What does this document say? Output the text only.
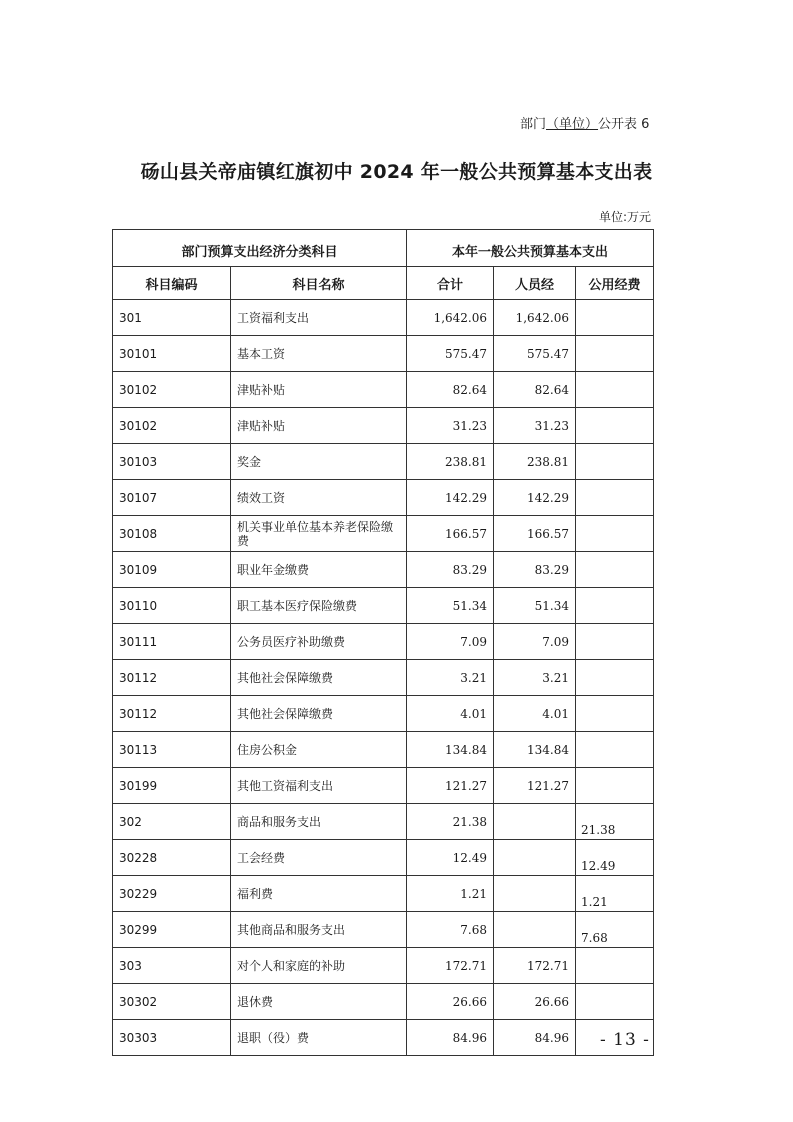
部门（单位）公开表 6
砀山县关帝庙镇红旗初中 2024 年一般公共预算基本支出表
单位:万元
部门预算支出经济分类科目		本年一般公共预算基本支出		
科目编码	科目名称	合计	人员经	公用经费
301	工资福利支出	1,642.06	1,642.06	
30101	基本工资	575.47	575.47	
30102	津贴补贴	82.64	82.64	
30102	津贴补贴	31.23	31.23	
30103	奖金	238.81	238.81	
30107	绩效工资	142.29	142.29	
30108	机关事业单位基本养老保险缴费	166.57	166.57	
30109	职业年金缴费	83.29	83.29	
30110	职工基本医疗保险缴费	51.34	51.34	
30111	公务员医疗补助缴费	7.09	7.09	
30112	其他社会保障缴费	3.21	3.21	
30112	其他社会保障缴费	4.01	4.01	
30113	住房公积金	134.84	134.84	
30199	其他工资福利支出	121.27	121.27	
302	商品和服务支出	21.38		21.38
30228	工会经费	12.49		12.49
30229	福利费	1.21		1.21
30299	其他商品和服务支出	7.68		7.68
303	对个人和家庭的补助	172.71	172.71	
30302	退休费	26.66	26.66	
30303	退职（役）费	84.96	84.96	- 13 -
